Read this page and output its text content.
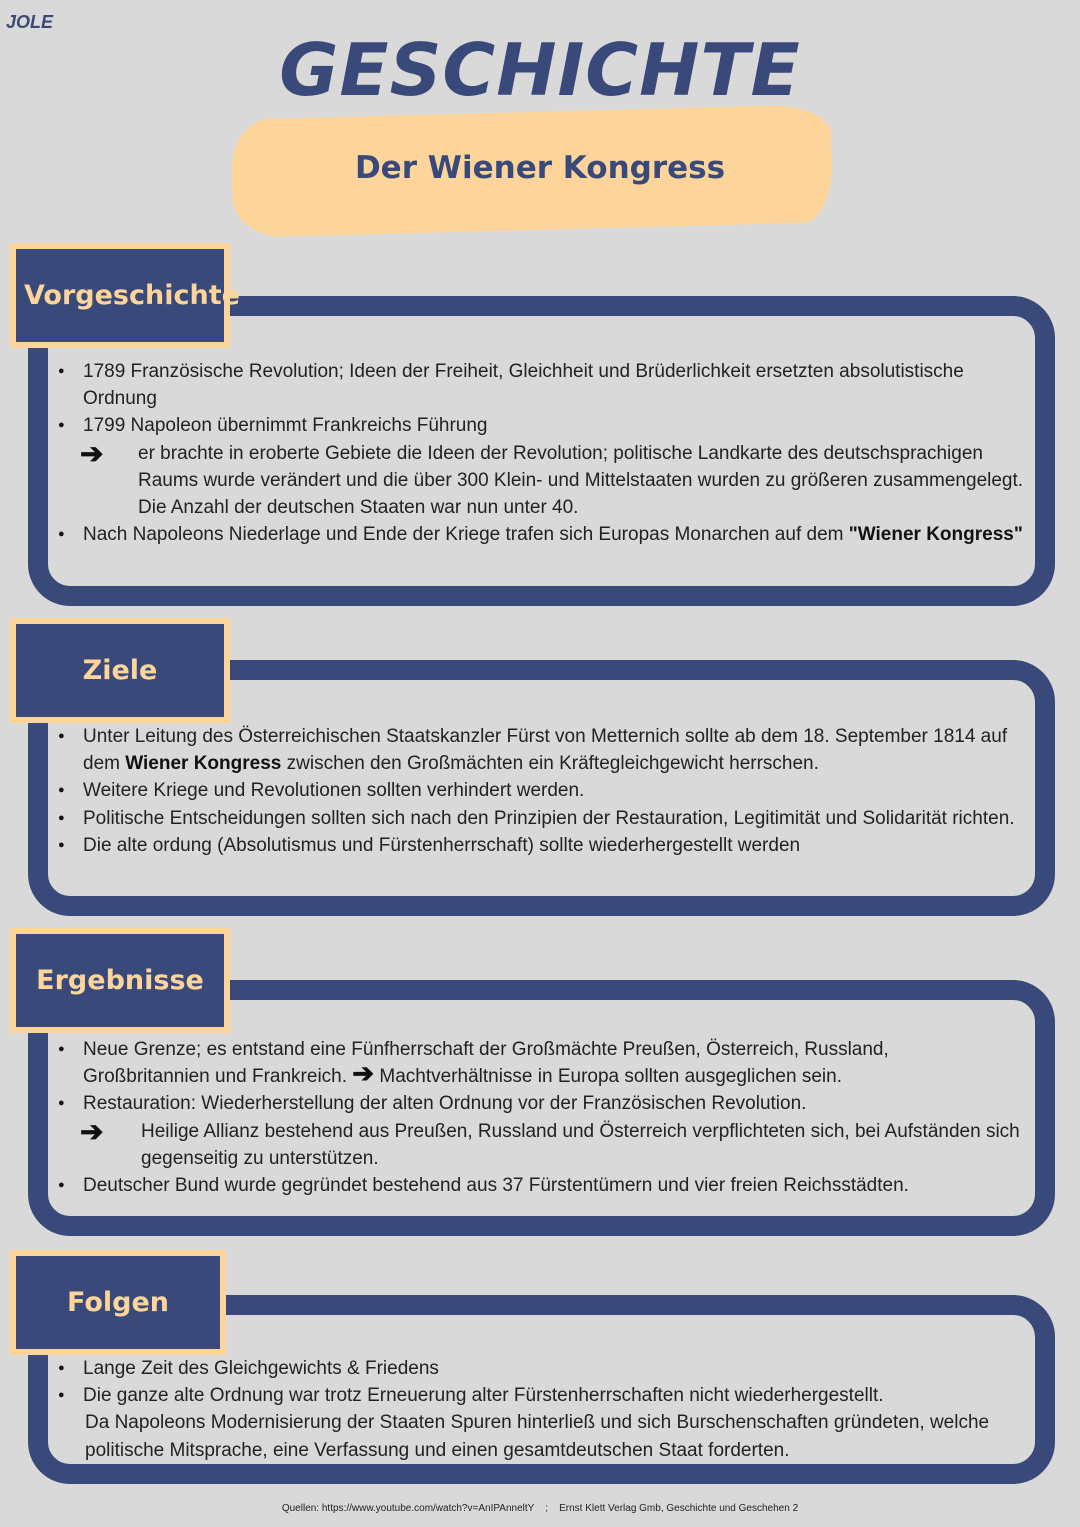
JOLE
GESCHICHTE
Der Wiener Kongress
Vorgeschichte
● 1789 Französische Revolution; Ideen der Freiheit, Gleichheit und Brüderlichkeit ersetzten absolutistische Ordnung
● 1799 Napoleon übernimmt Frankreichs Führung
➔ er brachte in eroberte Gebiete die Ideen der Revolution; politische Landkarte des deutschsprachigen Raums wurde verändert und die über 300 Klein- und Mittelstaaten wurden zu größeren zusammengelegt. Die Anzahl der deutschen Staaten war nun unter 40.
● Nach Napoleons Niederlage und Ende der Kriege trafen sich Europas Monarchen auf dem "Wiener Kongress"
Ziele
● Unter Leitung des Österreichischen Staatskanzler Fürst von Metternich sollte ab dem 18. September 1814 auf dem Wiener Kongress zwischen den Großmächten ein Kräftegleichgewicht herrschen.
● Weitere Kriege und Revolutionen sollten verhindert werden.
● Politische Entscheidungen sollten sich nach den Prinzipien der Restauration, Legitimität und Solidarität richten.
● Die alte ordung (Absolutismus und Fürstenherrschaft) sollte wiederhergestellt werden
Ergebnisse
● Neue Grenze; es entstand eine Fünfherrschaft der Großmächte Preußen, Österreich, Russland, Großbritannien und Frankreich. ➔ Machtverhältnisse in Europa sollten ausgeglichen sein.
● Restauration: Wiederherstellung der alten Ordnung vor der Französischen Revolution.
➔ Heilige Allianz bestehend aus Preußen, Russland und Österreich verpflichteten sich, bei Aufständen sich gegenseitig zu unterstützen.
● Deutscher Bund wurde gegründet bestehend aus 37 Fürstentümern und vier freien Reichsstädten.
Folgen
● Lange Zeit des Gleichgewichts & Friedens
● Die ganze alte Ordnung war trotz Erneuerung alter Fürstenherrschaften nicht wiederhergestellt.
Da Napoleons Modernisierung der Staaten Spuren hinterließ und sich Burschenschaften gründeten, welche politische Mitsprache, eine Verfassung und einen gesamtdeutschen Staat forderten.
Quellen: https://www.youtube.com/watch?v=AnIPAnneltY    ;    Ernst Klett Verlag Gmb, Geschichte und Geschehen 2
